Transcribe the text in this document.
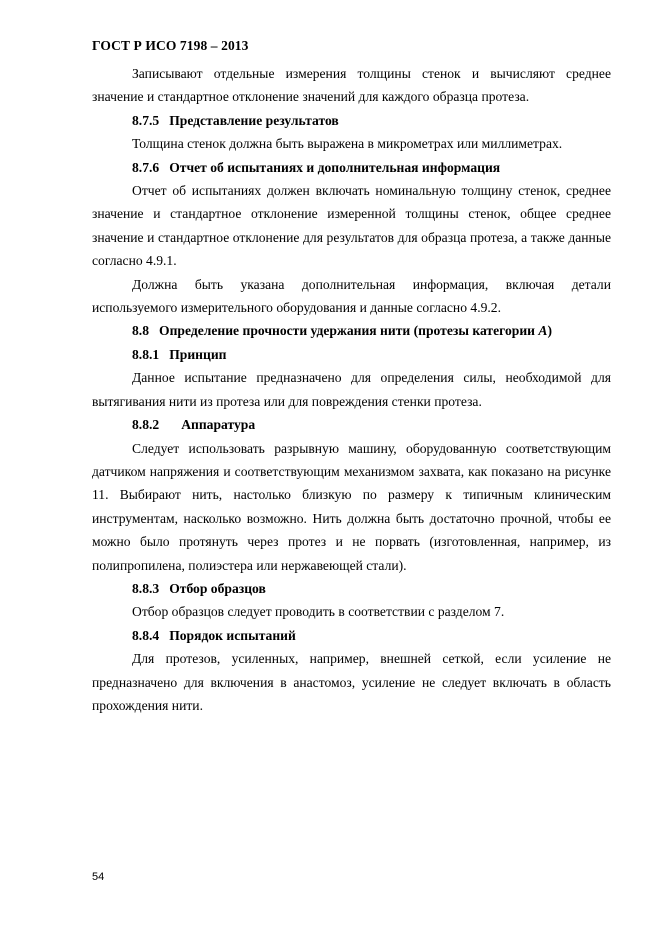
ГОСТ Р ИСО 7198 – 2013

Записывают отдельные измерения толщины стенок и вычисляют среднее значение и стандартное отклонение значений для каждого образца протеза.

8.7.5 Представление результатов

Толщина стенок должна быть выражена в микрометрах или миллиметрах.

8.7.6 Отчет об испытаниях и дополнительная информация

Отчет об испытаниях должен включать номинальную толщину стенок, среднее значение и стандартное отклонение измеренной толщины стенок, общее среднее значение и стандартное отклонение для результатов для образца протеза, а также данные согласно 4.9.1.

Должна быть указана дополнительная информация, включая детали используемого измерительного оборудования и данные согласно 4.9.2.

8.8 Определение прочности удержания нити (протезы категории A)
8.8.1 Принцип

Данное испытание предназначено для определения силы, необходимой для вытягивания нити из протеза или для повреждения стенки протеза.

8.8.2 Аппаратура

Следует использовать разрывную машину, оборудованную соответствующим датчиком напряжения и соответствующим механизмом захвата, как показано на рисунке 11. Выбирают нить, настолько близкую по размеру к типичным клиническим инструментам, насколько возможно. Нить должна быть достаточно прочной, чтобы ее можно было протянуть через протез и не порвать (изготовленная, например, из полипропилена, полиэстера или нержавеющей стали).

8.8.3 Отбор образцов

Отбор образцов следует проводить в соответствии с разделом 7.

8.8.4 Порядок испытаний

Для протезов, усиленных, например, внешней сеткой, если усиление не предназначено для включения в анастомоз, усиление не следует включать в область прохождения нити.

54
